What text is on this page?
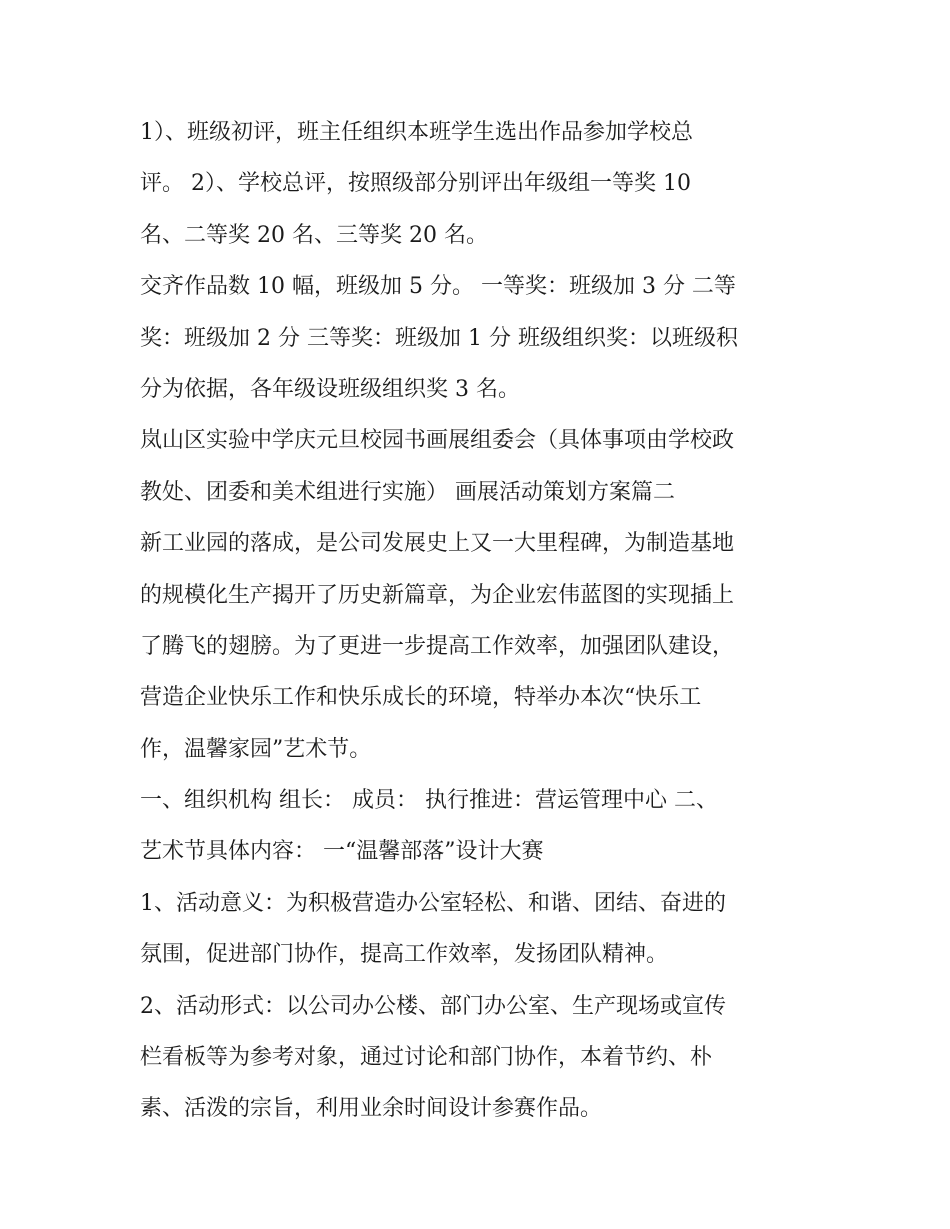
1）、班级初评，班主任组织本班学生选出作品参加学校总
评。 2）、学校总评，按照级部分别评出年级组一等奖 10
名、二等奖 20 名、三等奖 20 名。
交齐作品数 10 幅，班级加 5 分。 一等奖：班级加 3 分 二等
奖：班级加 2 分 三等奖：班级加 1 分 班级组织奖：以班级积
分为依据，各年级设班级组织奖 3 名。
岚山区实验中学庆元旦校园书画展组委会（具体事项由学校政
教处、团委和美术组进行实施） 画展活动策划方案篇二
新工业园的落成，是公司发展史上又一大里程碑，为制造基地
的规模化生产揭开了历史新篇章，为企业宏伟蓝图的实现插上
了腾飞的翅膀。为了更进一步提高工作效率，加强团队建设，
营造企业快乐工作和快乐成长的环境，特举办本次“快乐工
作，温馨家园”艺术节。
一、组织机构 组长： 成员： 执行推进：营运管理中心 二、
艺术节具体内容： 一“温馨部落”设计大赛
1、活动意义：为积极营造办公室轻松、和谐、团结、奋进的
氛围，促进部门协作，提高工作效率，发扬团队精神。
2、活动形式：以公司办公楼、部门办公室、生产现场或宣传
栏看板等为参考对象，通过讨论和部门协作，本着节约、朴
素、活泼的宗旨，利用业余时间设计参赛作品。
